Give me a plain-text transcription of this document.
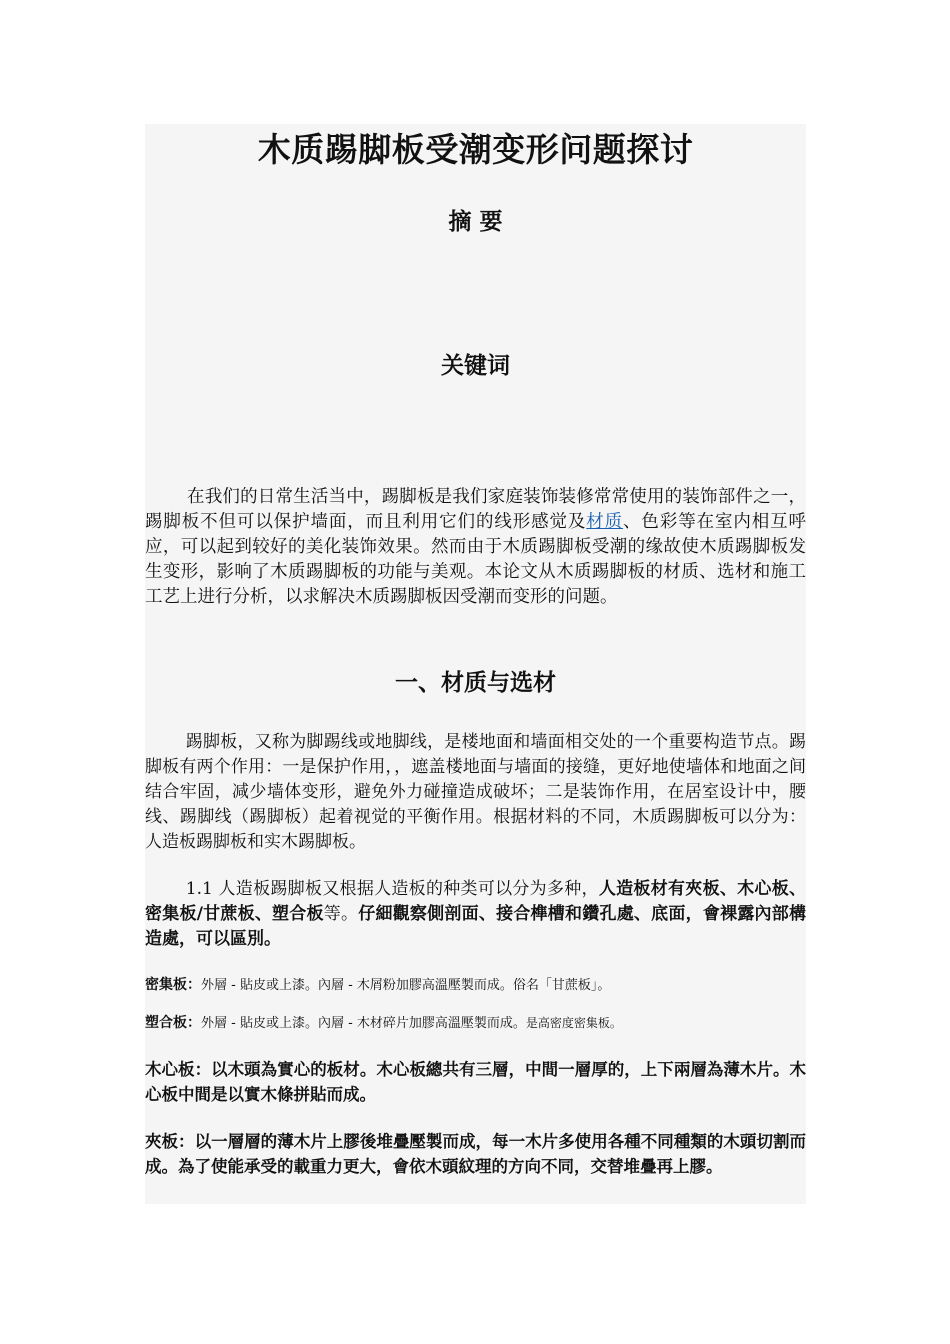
木质踢脚板受潮变形问题探讨
摘 要
关键词

在我们的日常生活当中，踢脚板是我们家庭装饰装修常常使用的装饰部件之一，踢脚板不但可以保护墙面，而且利用它们的线形感觉及材质、色彩等在室内相互呼应，可以起到较好的美化装饰效果。然而由于木质踢脚板受潮的缘故使木质踢脚板发生变形，影响了木质踢脚板的功能与美观。本论文从木质踢脚板的材质、选材和施工工艺上进行分析，以求解决木质踢脚板因受潮而变形的问题。

一、材质与选材

踢脚板，又称为脚踢线或地脚线，是楼地面和墙面相交处的一个重要构造节点。踢脚板有两个作用：一是保护作用，，遮盖楼地面与墙面的接缝，更好地使墙体和地面之间结合牢固，减少墙体变形，避免外力碰撞造成破坏；二是装饰作用，在居室设计中，腰线、踢脚线（踢脚板）起着视觉的平衡作用。根据材料的不同，木质踢脚板可以分为：人造板踢脚板和实木踢脚板。

1.1 人造板踢脚板又根据人造板的种类可以分为多种，人造板材有夾板、木心板、密集板/甘蔗板、塑合板等。仔細觀察側剖面、接合榫槽和鑽孔處、底面，會裸露內部構造處，可以區別。

密集板：外層 - 貼皮或上漆。內層 - 木屑粉加膠高溫壓製而成。俗名「甘蔗板」。

塑合板：外層 - 貼皮或上漆。內層 - 木材碎片加膠高溫壓製而成。是高密度密集板。

木心板：以木頭為實心的板材。木心板總共有三層，中間一層厚的，上下兩層為薄木片。木心板中間是以實木條拼貼而成。

夾板：以一層層的薄木片上膠後堆疊壓製而成，每一木片多使用各種不同種類的木頭切割而成。為了使能承受的載重力更大，會依木頭紋理的方向不同，交替堆疊再上膠。
